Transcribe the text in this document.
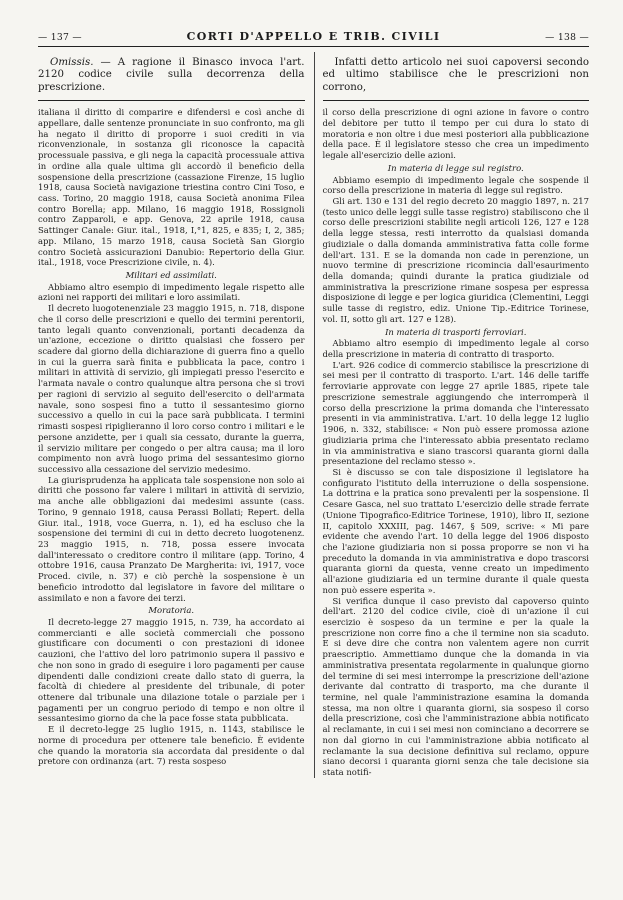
— 137 —	CORTI D'APPELLO E TRIB. CIVILI	— 138 —
Omissis. — A ragione il Binasco invoca l'art. 2120 codice civile sulla decorrenza della prescrizione.

italiana il diritto di comparire e difendersi e così anche di appellare, dalle sentenze pronunciate in suo confronto, ma gli ha negato il diritto di proporre i suoi crediti in via riconvenzionale, in sostanza gli riconosce la capacità processuale passiva, e gli nega la capacità processuale attiva in ordine alla quale ultima gli accordò il beneficio della sospensione della prescrizione (cassazione Firenze, 15 luglio 1918, causa Società navigazione triestina contro Cini Toso, e cass. Torino, 20 maggio 1918, causa Società anonima Filea contro Borella; app. Milano, 16 maggio 1918, Rossignoli contro Zapparoli, e app. Genova, 22 aprile 1918, causa Sattinger Canale: Giur. ital., 1918, I,°1, 825, e 835; I, 2, 385; app. Milano, 15 marzo 1918, causa Società San Giorgio contro Società assicurazioni Danubio: Repertorio della Giur. ital., 1918, voce Prescrizione civile, n. 4).

Militari ed assimilati.

Abbiamo altro esempio di impedimento legale rispetto alle azioni nei rapporti dei militari e loro assimilati.

Il decreto luogotenenziale 23 maggio 1915, n. 718, dispone che il corso delle prescrizioni e quello dei termini perentorii, tanto legali quanto convenzionali, portanti decadenza da un'azione, eccezione o diritto qualsiasi che fossero per scadere dal giorno della dichiarazione di guerra fino a quello in cui la guerra sarà finita e pubblicata la pace, contro i militari in attività di servizio, gli impiegati presso l'esercito e l'armata navale o contro qualunque altra persona che si trovi per ragioni di servizio al seguito dell'esercito o dell'armata navale, sono sospesi fino a tutto il sessantesimo giorno successivo a quello in cui la pace sarà pubblicata. I termini rimasti sospesi ripiglieranno il loro corso contro i militari e le persone anzidette, per i quali sia cessato, durante la guerra, il servizio militare per congedo o per altra causa; ma il loro compimento non avrà luogo prima del sessantesimo giorno successivo alla cessazione del servizio medesimo.

La giurisprudenza ha applicata tale sospensione non solo ai diritti che possono far valere i militari in attività di servizio, ma anche alle obbligazioni dai medesimi assunte (cass. Torino, 9 gennaio 1918, causa Perassi Bollati; Repert. della Giur. ital., 1918, voce Guerra, n. 1), ed ha escluso che la sospensione dei termini di cui in detto decreto luogotenenz. 23 maggio 1915, n. 718, possa essere invocata dall'interessato o creditore contro il militare (app. Torino, 4 ottobre 1916, causa Pranzato De Margherita: ivi, 1917, voce Proced. civile, n. 37) e ciò perchè la sospensione è un beneficio introdotto dal legislatore in favore del militare o assimilato e non a favore dei terzi.

Moratoria.

Il decreto-legge 27 maggio 1915, n. 739, ha accordato ai commercianti e alle società commerciali che possono giustificare con documenti o con prestazioni di idonee cauzioni, che l'attivo del loro patrimonio supera il passivo e che non sono in grado di eseguire i loro pagamenti per cause dipendenti dalle condizioni create dallo stato di guerra, la facoltà di chiedere al presidente del tribunale, di poter ottenere dal tribunale una dilazione totale o parziale per i pagamenti per un congruo periodo di tempo e non oltre il sessantesimo giorno da che la pace fosse stata pubblicata.

E il decreto-legge 25 luglio 1915, n. 1143, stabilisce le norme di procedura per ottenere tale beneficio. È evidente che quando la moratoria sia accordata dal presidente o dal pretore con ordinanza (art. 7) resta sospeso

Infatti detto articolo nei suoi capoversi secondo ed ultimo stabilisce che le prescrizioni non corrono,

il corso della prescrizione di ogni azione in favore o contro del debitore per tutto il tempo per cui dura lo stato di moratoria e non oltre i due mesi posteriori alla pubblicazione della pace. È il legislatore stesso che crea un impedimento legale all'esercizio delle azioni.

In materia di legge sul registro.

Abbiamo esempio di impedimento legale che sospende il corso della prescrizione in materia di legge sul registro.

Gli art. 130 e 131 del regio decreto 20 maggio 1897, n. 217 (testo unico delle leggi sulle tasse registro) stabiliscono che il corso delle prescrizioni stabilite negli articoli 126, 127 e 128 della legge stessa, resti interrotto da qualsiasi domanda giudiziale o dalla domanda amministrativa fatta colle forme dell'art. 131. E se la domanda non cade in perenzione, un nuovo termine di prescrizione ricomincia dall'esaurimento della domanda; quindi durante la pratica giudiziale od amministrativa la prescrizione rimane sospesa per espressa disposizione di legge e per logica giuridica (Clementini, Leggi sulle tasse di registro, ediz. Unione Tip.-Editrice Torinese, vol. II, sotto gli art. 127 e 128).

In materia di trasporti ferroviari.

Abbiamo altro esempio di impedimento legale al corso della prescrizione in materia di contratto di trasporto.

L'art. 926 codice di commercio stabilisce la prescrizione di sei mesi per il contratto di trasporto. L'art. 146 delle tariffe ferroviarie approvate con legge 27 aprile 1885, ripete tale prescrizione semestrale aggiungendo che interromperà il corso della prescrizione la prima domanda che l'interessato presenti in via amministrativa. L'art. 10 della legge 12 luglio 1906, n. 332, stabilisce: « Non può essere promossa azione giudiziaria prima che l'interessato abbia presentato reclamo in via amministrativa e siano trascorsi quaranta giorni dalla presentazione del reclamo stesso ».

Si è discusso se con tale disposizione il legislatore ha configurato l'istituto della interruzione o della sospensione. La dottrina e la pratica sono prevalenti per la sospensione. Il Cesare Gasca, nel suo trattato L'esercizio delle strade ferrate (Unione Tipografico-Editrice Torinese, 1910), libro II, sezione II, capitolo XXXIII, pag. 1467, § 509, scrive: « Mi pare evidente che avendo l'art. 10 della legge del 1906 disposto che l'azione giudiziaria non si possa proporre se non vi ha preceduto la domanda in via amministrativa e dopo trascorsi quaranta giorni da questa, venne creato un impedimento all'azione giudiziaria ed un termine durante il quale questa non può essere esperita ».

Si verifica dunque il caso previsto dal capoverso quinto dell'art. 2120 del codice civile, cioè di un'azione il cui esercizio è sospeso da un termine e per la quale la prescrizione non corre fino a che il termine non sia scaduto. E si deve dire che contra non valentem agere non currit praescriptio. Ammettiamo dunque che la domanda in via amministrativa presentata regolarmente in qualunque giorno del termine di sei mesi interrompe la prescrizione dell'azione derivante dal contratto di trasporto, ma che durante il termine, nel quale l'amministrazione esamina la domanda stessa, ma non oltre i quaranta giorni, sia sospeso il corso della prescrizione, così che l'amministrazione abbia notificato al reclamante, in cui i sei mesi non cominciano a decorrere se non dal giorno in cui l'amministrazione abbia notificato al reclamante la sua decisione definitiva sul reclamo, oppure siano decorsi i quaranta giorni senza che tale decisione sia stata notifi-
